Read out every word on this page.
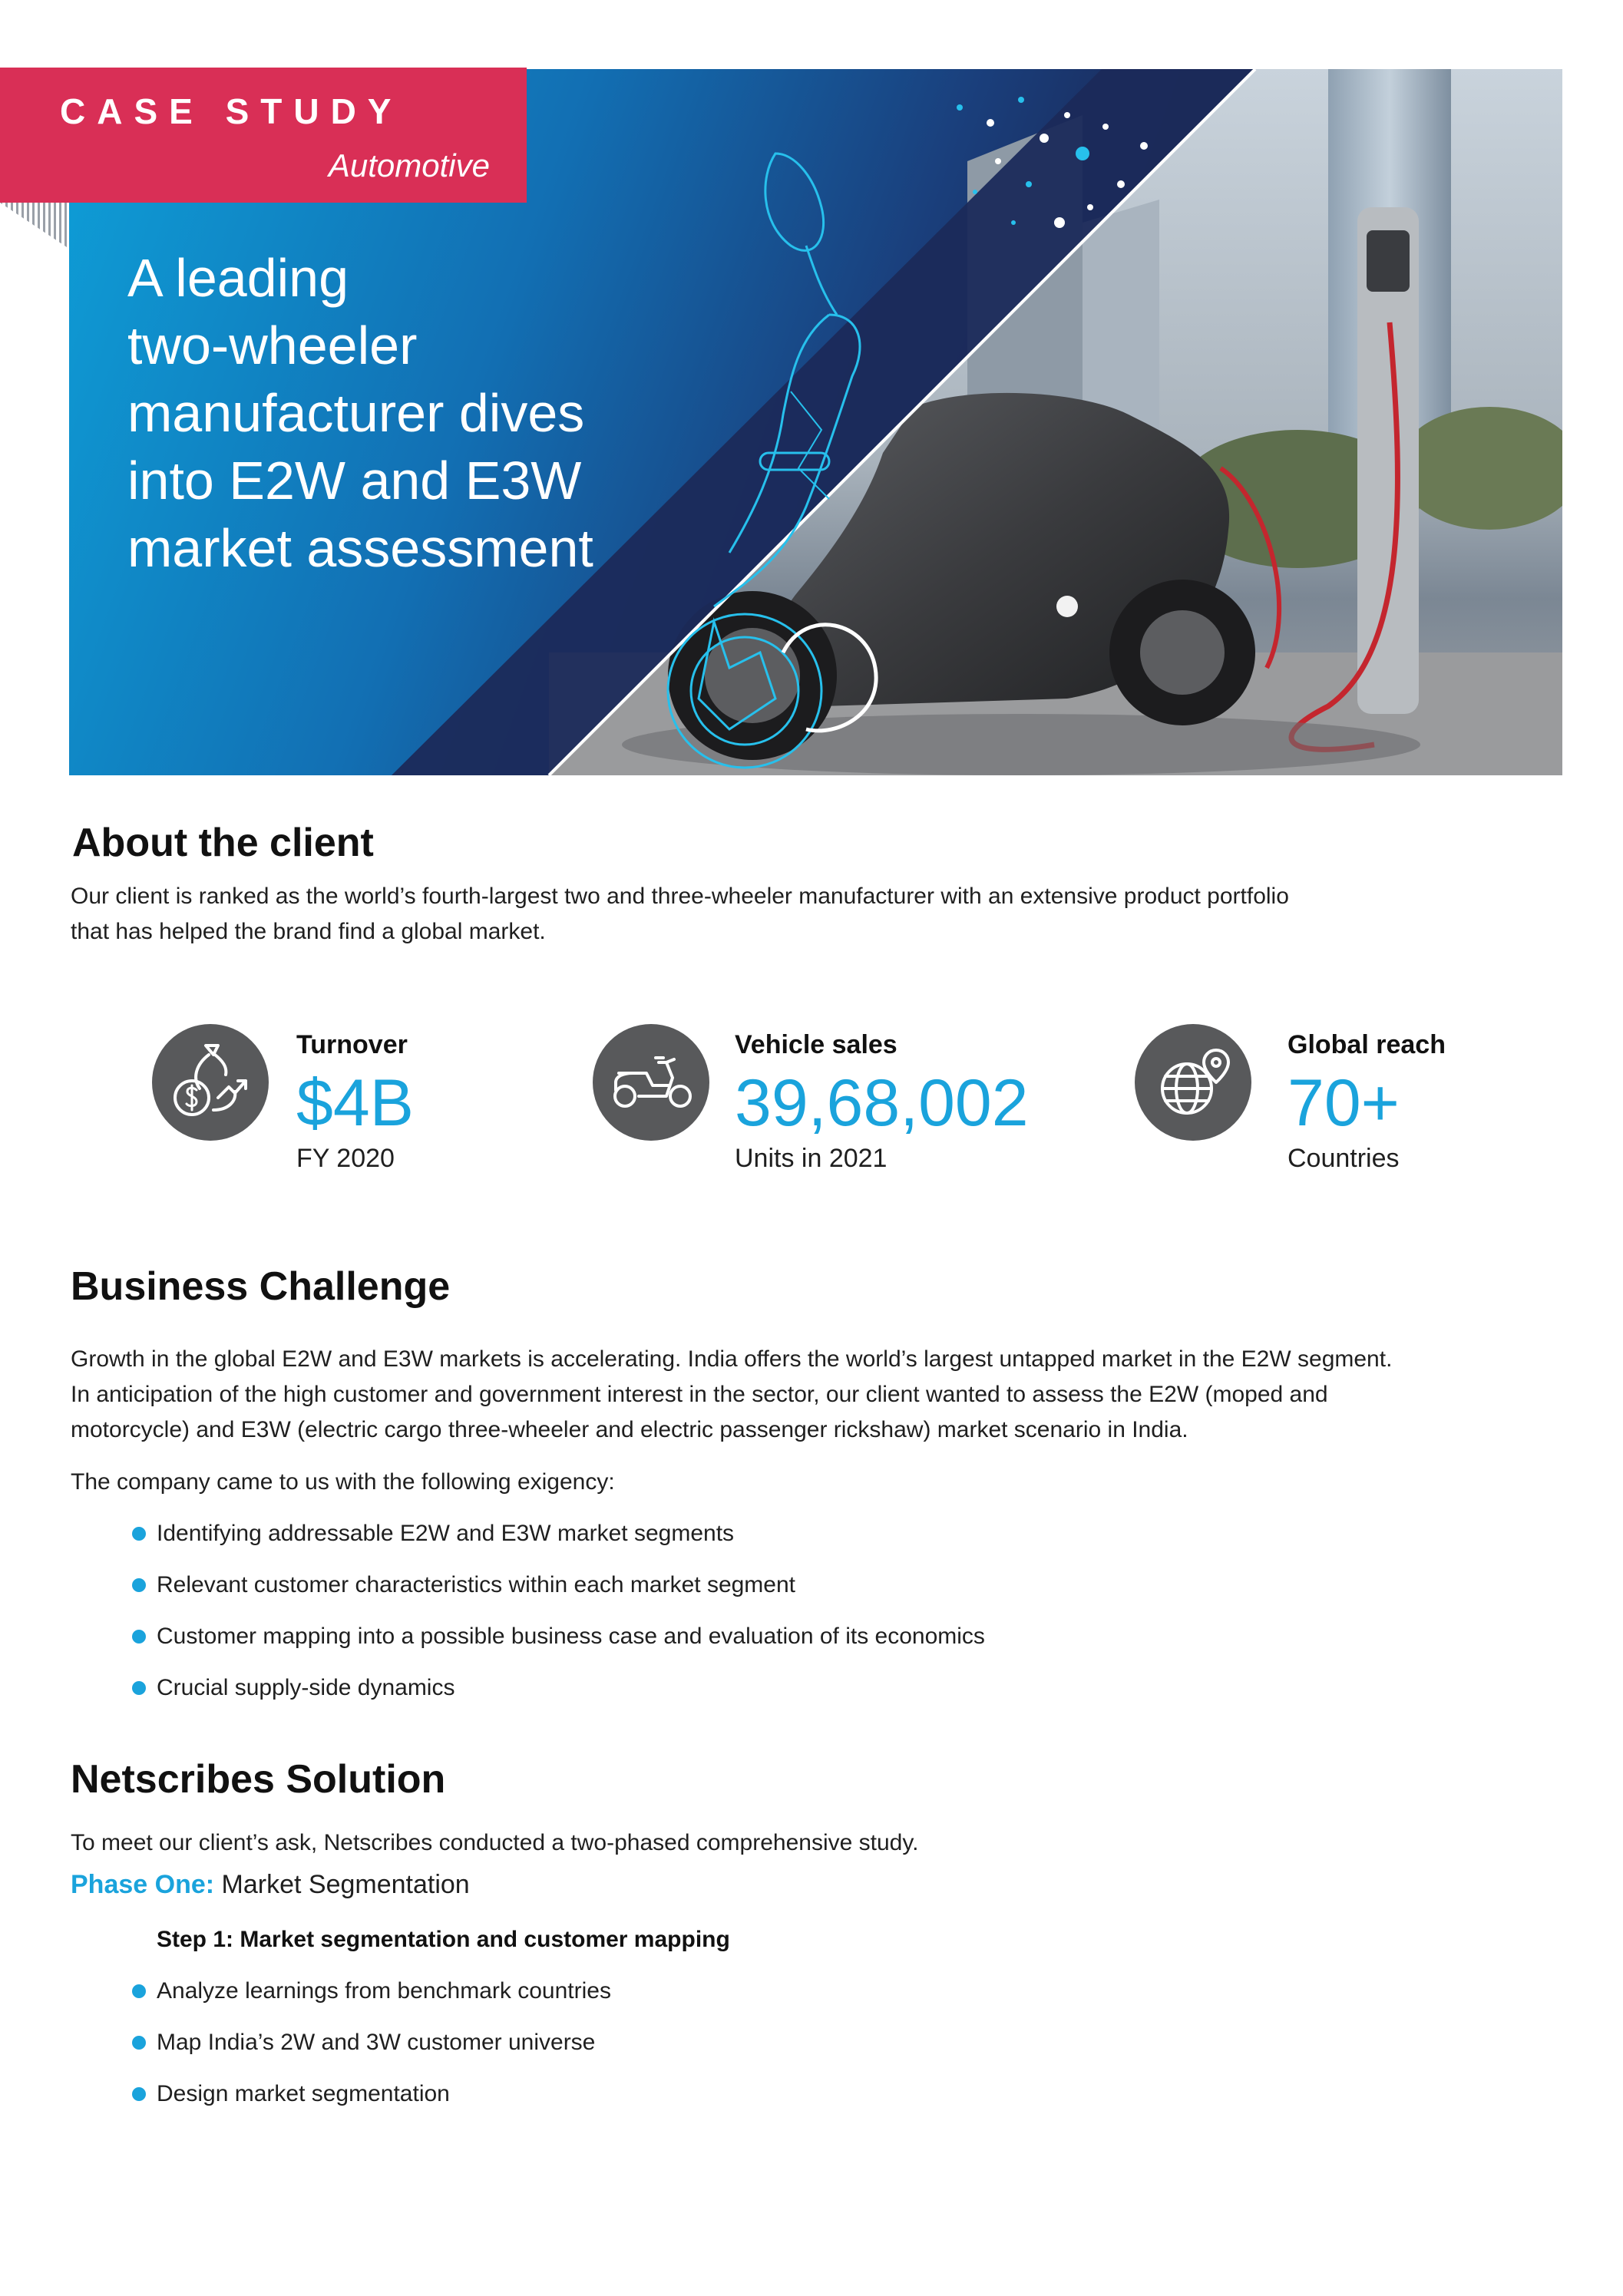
A leading
two-wheeler
manufacturer dives
into E2W and E3W
market assessment
CASE STUDY
Automotive
About the client

Our client is ranked as the world’s fourth-largest two and three-wheeler manufacturer with an extensive product portfolio
that has helped the brand find a global market.

Turnover
$4B
FY 2020
Vehicle sales
39,68,002
Units in 2021
Global reach
70+
Countries
Business Challenge

Growth in the global E2W and E3W markets is accelerating. India offers the world’s largest untapped market in the E2W segment.
In anticipation of the high customer and government interest in the sector, our client wanted to assess the E2W (moped and
motorcycle) and E3W (electric cargo three-wheeler and electric passenger rickshaw) market scenario in India.

The company came to us with the following exigency:

Identifying addressable E2W and E3W market segments
Relevant customer characteristics within each market segment
Customer mapping into a possible business case and evaluation of its economics
Crucial supply-side dynamics
Netscribes Solution

To meet our client’s ask, Netscribes conducted a two-phased comprehensive study.

Phase One: Market Segmentation
Step 1: Market segmentation and customer mapping
Analyze learnings from benchmark countries
Map India’s 2W and 3W customer universe
Design market segmentation
